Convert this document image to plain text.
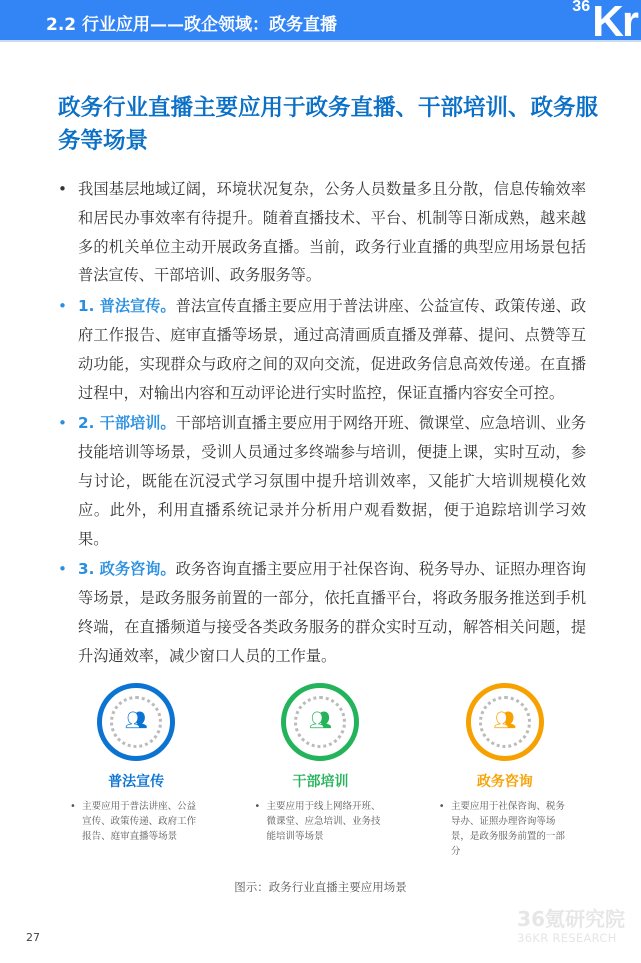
2.2 行业应用——政企领域：政务直播
36 Kr
政务行业直播主要应用于政务直播、干部培训、政务服务等场景
• 我国基层地域辽阔，环境状况复杂，公务人员数量多且分散，信息传输效率和居民办事效率有待提升。随着直播技术、平台、机制等日渐成熟，越来越多的机关单位主动开展政务直播。当前，政务行业直播的典型应用场景包括普法宣传、干部培训、政务服务等。
• 1. 普法宣传。普法宣传直播主要应用于普法讲座、公益宣传、政策传递、政府工作报告、庭审直播等场景，通过高清画质直播及弹幕、提问、点赞等互动功能，实现群众与政府之间的双向交流，促进政务信息高效传递。在直播过程中，对输出内容和互动评论进行实时监控，保证直播内容安全可控。
• 2. 干部培训。干部培训直播主要应用于网络开班、微课堂、应急培训、业务技能培训等场景，受训人员通过多终端参与培训，便捷上课，实时互动，参与讨论，既能在沉浸式学习氛围中提升培训效率，又能扩大培训规模化效应。此外，利用直播系统记录并分析用户观看数据，便于追踪培训学习效果。
• 3. 政务咨询。政务咨询直播主要应用于社保咨询、税务导办、证照办理咨询等场景，是政务服务前置的一部分，依托直播平台，将政务服务推送到手机终端，在直播频道与接受各类政务服务的群众实时互动，解答相关问题，提升沟通效率，减少窗口人员的工作量。
👥︎
普法宣传
• 主要应用于普法讲座、公益宣传、政策传递、政府工作报告、庭审直播等场景
👥︎
干部培训
• 主要应用于线上网络开班、微课堂、应急培训、业务技能培训等场景
👥︎
政务咨询
• 主要应用于社保咨询、税务导办、证照办理咨询等场景，是政务服务前置的一部分
图示：政务行业直播主要应用场景
27
36氪研究院
36KR RESEARCH
